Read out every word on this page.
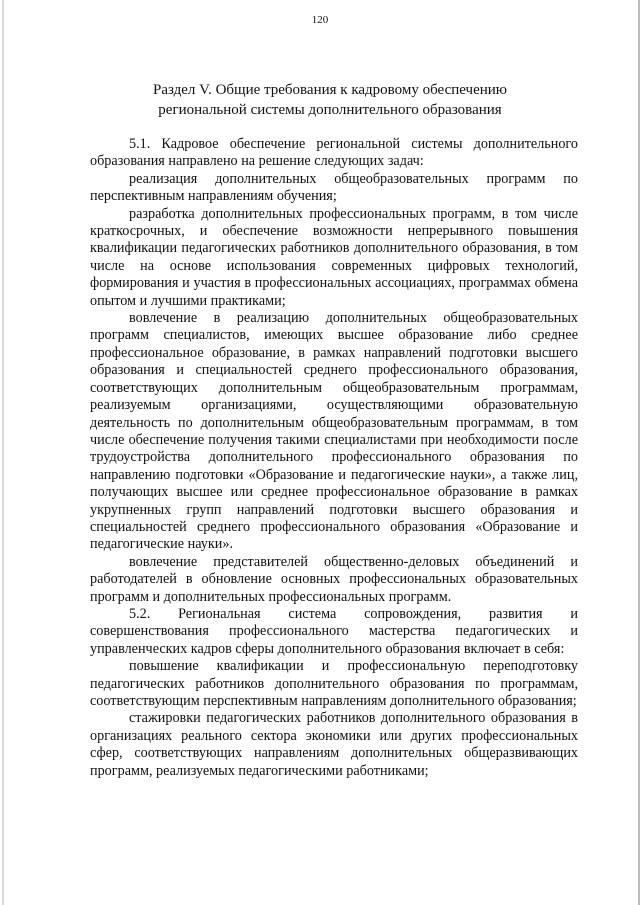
120
Раздел V. Общие требования к кадровому обеспечению
региональной системы дополнительного образования

5.1. Кадровое обеспечение региональной системы дополнительного образования направлено на решение следующих задач:

реализация дополнительных общеобразовательных программ по перспективным направлениям обучения;

разработка дополнительных профессиональных программ, в том числе краткосрочных, и обеспечение возможности непрерывного повышения квалификации педагогических работников дополнительного образования, в том числе на основе использования современных цифровых технологий, формирования и участия в профессиональных ассоциациях, программах обмена опытом и лучшими практиками;

вовлечение в реализацию дополнительных общеобразовательных программ специалистов, имеющих высшее образование либо среднее профессиональное образование, в рамках направлений подготовки высшего образования и специальностей среднего профессионального образования, соответствующих дополнительным общеобразовательным программам, реализуемым организациями, осуществляющими образовательную деятельность по дополнительным общеобразовательным программам, в том числе обеспечение получения такими специалистами при необходимости после трудоустройства дополнительного профессионального образования по направлению подготовки «Образование и педагогические науки», а также лиц, получающих высшее или среднее профессиональное образование в рамках укрупненных групп направлений подготовки высшего образования и специальностей среднего профессионального образования «Образование и педагогические науки».

вовлечение представителей общественно-деловых объединений и работодателей в обновление основных профессиональных образовательных программ и дополнительных профессиональных программ.

5.2. Региональная система сопровождения, развития и совершенствования профессионального мастерства педагогических и управленческих кадров сферы дополнительного образования включает в себя:

повышение квалификации и профессиональную переподготовку педагогических работников дополнительного образования по программам, соответствующим перспективным направлениям дополнительного образования;

стажировки педагогических работников дополнительного образования в организациях реального сектора экономики или других профессиональных сфер, соответствующих направлениям дополнительных общеразвивающих программ, реализуемых педагогическими работниками;
